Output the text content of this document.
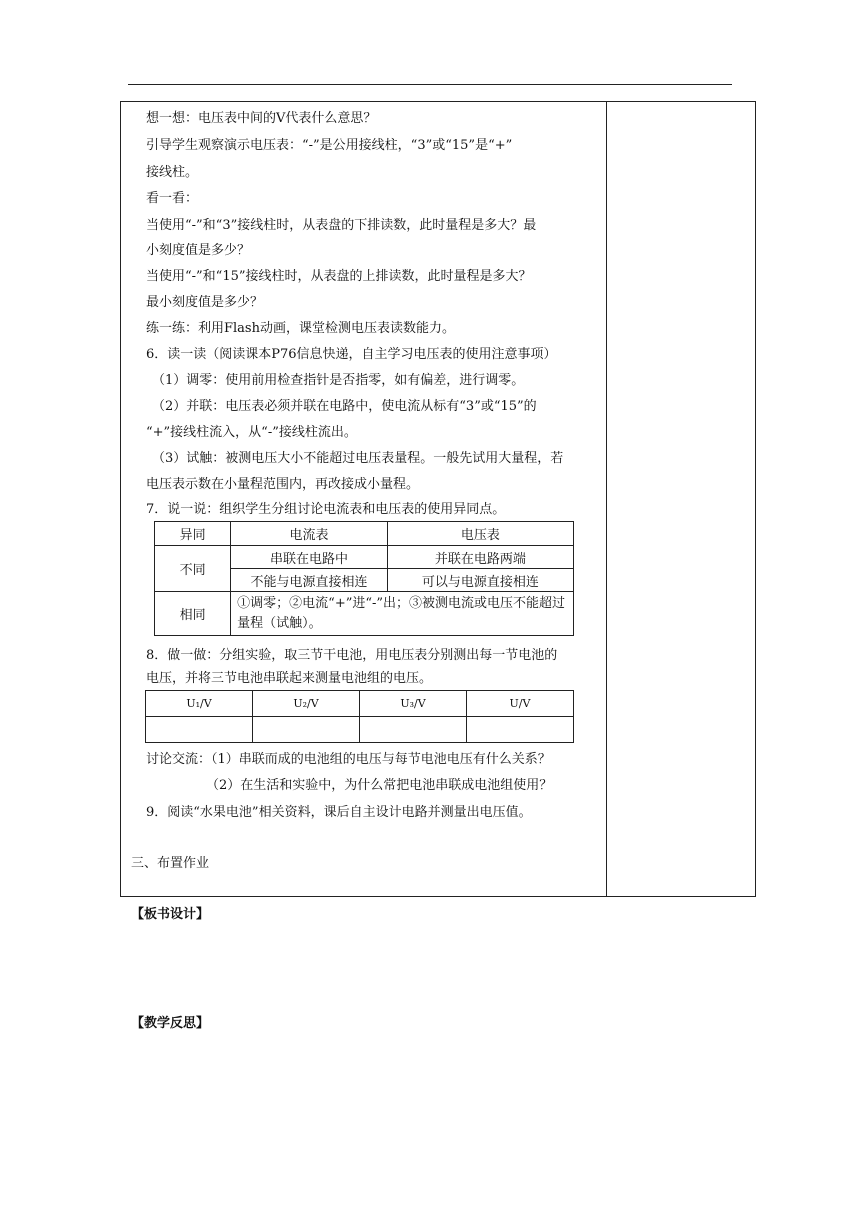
想一想：电压表中间的V代表什么意思？
引导学生观察演示电压表：“-”是公用接线柱，“3”或“15”是“+”
接线柱。
看一看：
当使用“-”和“3”接线柱时，从表盘的下排读数，此时量程是多大？最
小刻度值是多少？
当使用“-”和“15”接线柱时，从表盘的上排读数，此时量程是多大？
最小刻度值是多少？
练一练：利用Flash动画，课堂检测电压表读数能力。
6．读一读（阅读课本P76信息快递，自主学习电压表的使用注意事项）
（1）调零：使用前用检查指针是否指零，如有偏差，进行调零。
（2）并联：电压表必须并联在电路中，使电流从标有“3”或“15”的
“+”接线柱流入，从“-”接线柱流出。
（3）试触：被测电压大小不能超过电压表量程。一般先试用大量程，若
电压表示数在小量程范围内，再改接成小量程。
7．说一说：组织学生分组讨论电流表和电压表的使用异同点。
异同	电流表	电压表
不同	串联在电路中	并联在电路两端
	不能与电源直接相连	可以与电源直接相连
相同	①调零；②电流“+”进“-”出；③被测电流或电压不能超过量程（试触）。	
8．做一做：分组实验，取三节干电池，用电压表分别测出每一节电池的
电压，并将三节电池串联起来测量电池组的电压。
U₁/V	U₂/V	U₃/V	U/V

讨论交流：（1）串联而成的电池组的电压与每节电池电压有什么关系？
（2）在生活和实验中，为什么常把电池串联成电池组使用？
9．阅读“水果电池”相关资料，课后自主设计电路并测量出电压值。
三、布置作业
【板书设计】
【教学反思】
